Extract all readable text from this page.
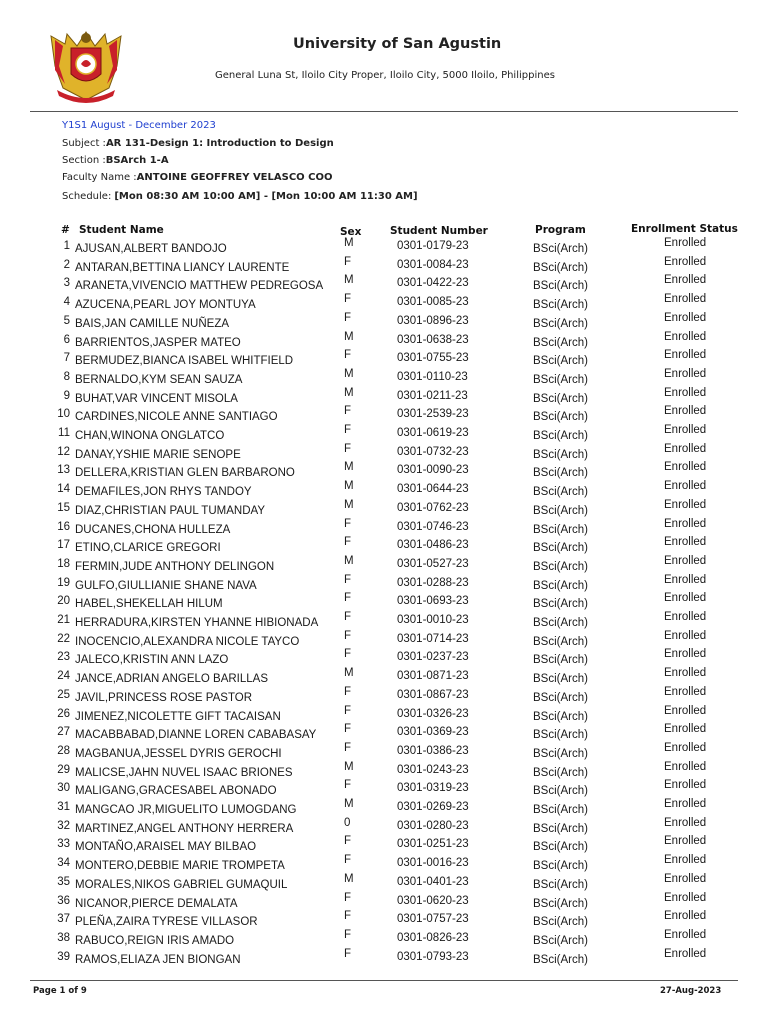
University of San Agustin
General Luna St, Iloilo City Proper, Iloilo City, 5000 Iloilo, Philippines
Y1S1 August - December 2023
Subject :AR 131-Design 1: Introduction to Design
Section :BSArch 1-A
Faculty Name :ANTOINE GEOFFREY VELASCO COO
Schedule: [Mon 08:30 AM 10:00 AM] - [Mon 10:00 AM 11:30 AM]
# Student Name	Sex	Student Number	Program	Enrollment Status
1 AJUSAN,ALBERT BANDOJO	M	0301-0179-23	BSci(Arch)	Enrolled
2 ANTARAN,BETTINA LIANCY LAURENTE	F	0301-0084-23	BSci(Arch)	Enrolled
3 ARANETA,VIVENCIO MATTHEW PEDREGOSA M	0301-0422-23	BSci(Arch)	Enrolled
4 AZUCENA,PEARL JOY MONTUYA	F	0301-0085-23	BSci(Arch)	Enrolled
5 BAIS,JAN CAMILLE NUÑEZA	F	0301-0896-23	BSci(Arch)	Enrolled
6 BARRIENTOS,JASPER MATEO	M	0301-0638-23	BSci(Arch)	Enrolled
7 BERMUDEZ,BIANCA ISABEL WHITFIELD	F	0301-0755-23	BSci(Arch)	Enrolled
8 BERNALDO,KYM SEAN SAUZA	M	0301-0110-23	BSci(Arch)	Enrolled
9 BUHAT,VAR VINCENT MISOLA	M	0301-0211-23	BSci(Arch)	Enrolled
10 CARDINES,NICOLE ANNE SANTIAGO	F	0301-2539-23	BSci(Arch)	Enrolled
11 CHAN,WINONA ONGLATCO	F	0301-0619-23	BSci(Arch)	Enrolled
12 DANAY,YSHIE MARIE SENOPE	F	0301-0732-23	BSci(Arch)	Enrolled
13 DELLERA,KRISTIAN GLEN BARBARONO	M	0301-0090-23	BSci(Arch)	Enrolled
14 DEMAFILES,JON RHYS TANDOY	M	0301-0644-23	BSci(Arch)	Enrolled
15 DIAZ,CHRISTIAN PAUL TUMANDAY	M	0301-0762-23	BSci(Arch)	Enrolled
16 DUCANES,CHONA HULLEZA	F	0301-0746-23	BSci(Arch)	Enrolled
17 ETINO,CLARICE GREGORI	F	0301-0486-23	BSci(Arch)	Enrolled
18 FERMIN,JUDE ANTHONY DELINGON	M	0301-0527-23	BSci(Arch)	Enrolled
19 GULFO,GIULLIANIE SHANE NAVA	F	0301-0288-23	BSci(Arch)	Enrolled
20 HABEL,SHEKELLAH HILUM	F	0301-0693-23	BSci(Arch)	Enrolled
21 HERRADURA,KIRSTEN YHANNE HIBIONADA F	0301-0010-23	BSci(Arch)	Enrolled
22 INOCENCIO,ALEXANDRA NICOLE TAYCO	F	0301-0714-23	BSci(Arch)	Enrolled
23 JALECO,KRISTIN ANN LAZO	F	0301-0237-23	BSci(Arch)	Enrolled
24 JANCE,ADRIAN ANGELO BARILLAS	M	0301-0871-23	BSci(Arch)	Enrolled
25 JAVIL,PRINCESS ROSE PASTOR	F	0301-0867-23	BSci(Arch)	Enrolled
26 JIMENEZ,NICOLETTE GIFT TACAISAN	F	0301-0326-23	BSci(Arch)	Enrolled
27 MACABBABAD,DIANNE LOREN CABABASAY F	0301-0369-23	BSci(Arch)	Enrolled
28 MAGBANUA,JESSEL DYRIS GEROCHI	F	0301-0386-23	BSci(Arch)	Enrolled
29 MALICSE,JAHN NUVEL ISAAC BRIONES	M	0301-0243-23	BSci(Arch)	Enrolled
30 MALIGANG,GRACESABEL ABONADO	F	0301-0319-23	BSci(Arch)	Enrolled
31 MANGCAO JR,MIGUELITO LUMOGDANG	M	0301-0269-23	BSci(Arch)	Enrolled
32 MARTINEZ,ANGEL ANTHONY HERRERA	0	0301-0280-23	BSci(Arch)	Enrolled
33 MONTAÑO,ARAISEL MAY BILBAO	F	0301-0251-23	BSci(Arch)	Enrolled
34 MONTERO,DEBBIE MARIE TROMPETA	F	0301-0016-23	BSci(Arch)	Enrolled
35 MORALES,NIKOS GABRIEL GUMAQUIL	M	0301-0401-23	BSci(Arch)	Enrolled
36 NICANOR,PIERCE DEMALATA	F	0301-0620-23	BSci(Arch)	Enrolled
37 PLEÑA,ZAIRA TYRESE VILLASOR	F	0301-0757-23	BSci(Arch)	Enrolled
38 RABUCO,REIGN IRIS AMADO	F	0301-0826-23	BSci(Arch)	Enrolled
39 RAMOS,ELIAZA JEN BIONGAN	F	0301-0793-23	BSci(Arch)	Enrolled
Page 1 of 9	27-Aug-2023
